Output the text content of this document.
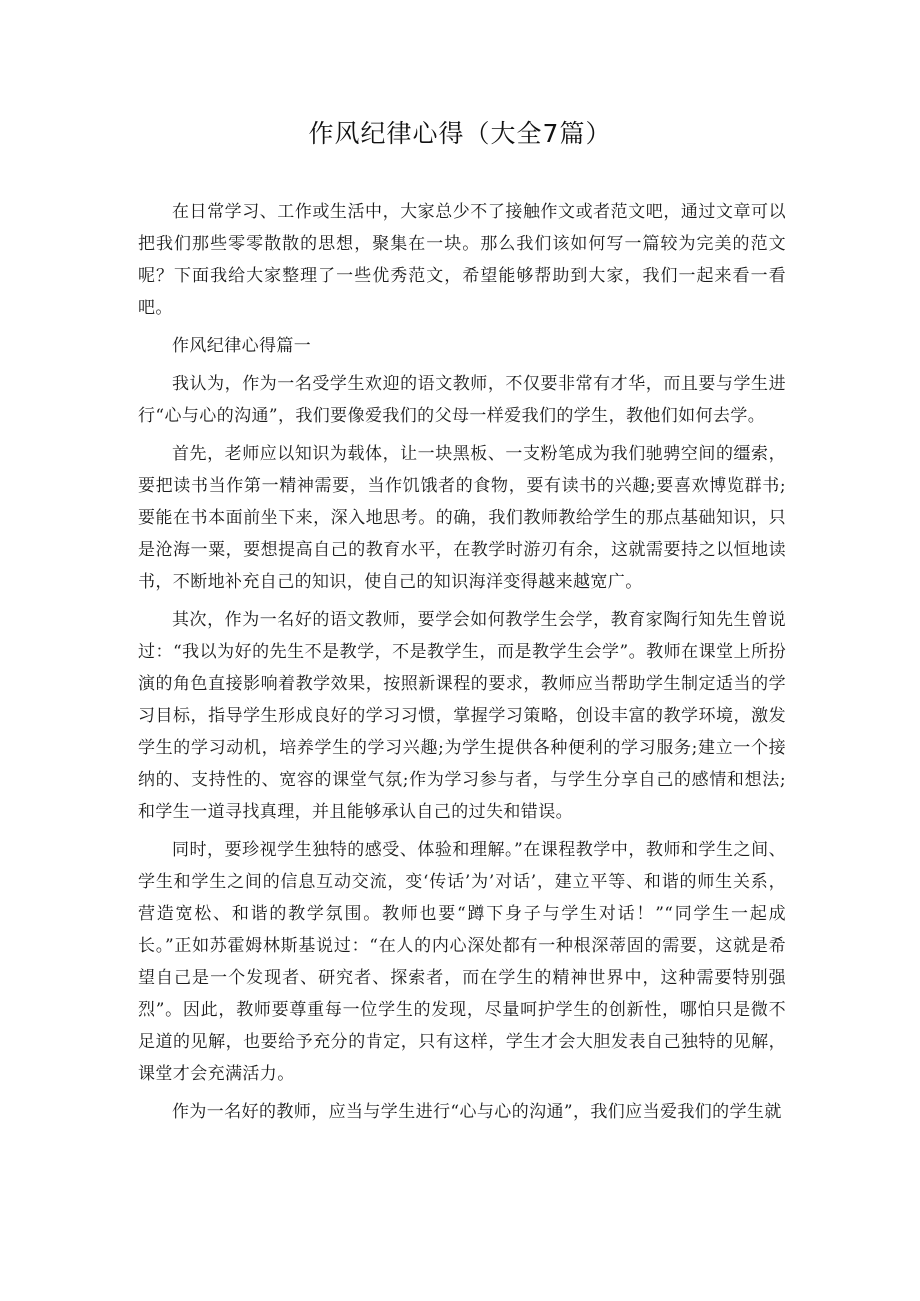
作风纪律心得（大全7篇）

在日常学习、工作或生活中，大家总少不了接触作文或者范文吧，通过文章可以把我们那些零零散散的思想，聚集在一块。那么我们该如何写一篇较为完美的范文呢？下面我给大家整理了一些优秀范文，希望能够帮助到大家，我们一起来看一看吧。

作风纪律心得篇一

我认为，作为一名受学生欢迎的语文教师，不仅要非常有才华，而且要与学生进行“心与心的沟通”，我们要像爱我们的父母一样爱我们的学生，教他们如何去学。

首先，老师应以知识为载体，让一块黑板、一支粉笔成为我们驰骋空间的缰索，要把读书当作第一精神需要，当作饥饿者的食物，要有读书的兴趣;要喜欢博览群书;要能在书本面前坐下来，深入地思考。的确，我们教师教给学生的那点基础知识，只是沧海一粟，要想提高自己的教育水平，在教学时游刃有余，这就需要持之以恒地读书，不断地补充自己的知识，使自己的知识海洋变得越来越宽广。

其次，作为一名好的语文教师，要学会如何教学生会学，教育家陶行知先生曾说过：“我以为好的先生不是教学，不是教学生，而是教学生会学”。教师在课堂上所扮演的角色直接影响着教学效果，按照新课程的要求，教师应当帮助学生制定适当的学习目标，指导学生形成良好的学习习惯，掌握学习策略，创设丰富的教学环境，激发学生的学习动机，培养学生的学习兴趣;为学生提供各种便利的学习服务;建立一个接纳的、支持性的、宽容的课堂气氛;作为学习参与者，与学生分享自己的感情和想法;和学生一道寻找真理，并且能够承认自己的过失和错误。

同时，要珍视学生独特的感受、体验和理解。”在课程教学中，教师和学生之间、学生和学生之间的信息互动交流，变‘传话’为’对话’，建立平等、和谐的师生关系，营造宽松、和谐的教学氛围。教师也要“蹲下身子与学生对话！”“同学生一起成长。”正如苏霍姆林斯基说过：“在人的内心深处都有一种根深蒂固的需要，这就是希望自己是一个发现者、研究者、探索者，而在学生的精神世界中，这种需要特别强烈”。因此，教师要尊重每一位学生的发现，尽量呵护学生的创新性，哪怕只是微不足道的见解，也要给予充分的肯定，只有这样，学生才会大胆发表自己独特的见解，课堂才会充满活力。

作为一名好的教师，应当与学生进行“心与心的沟通”，我们应当爱我们的学生就
